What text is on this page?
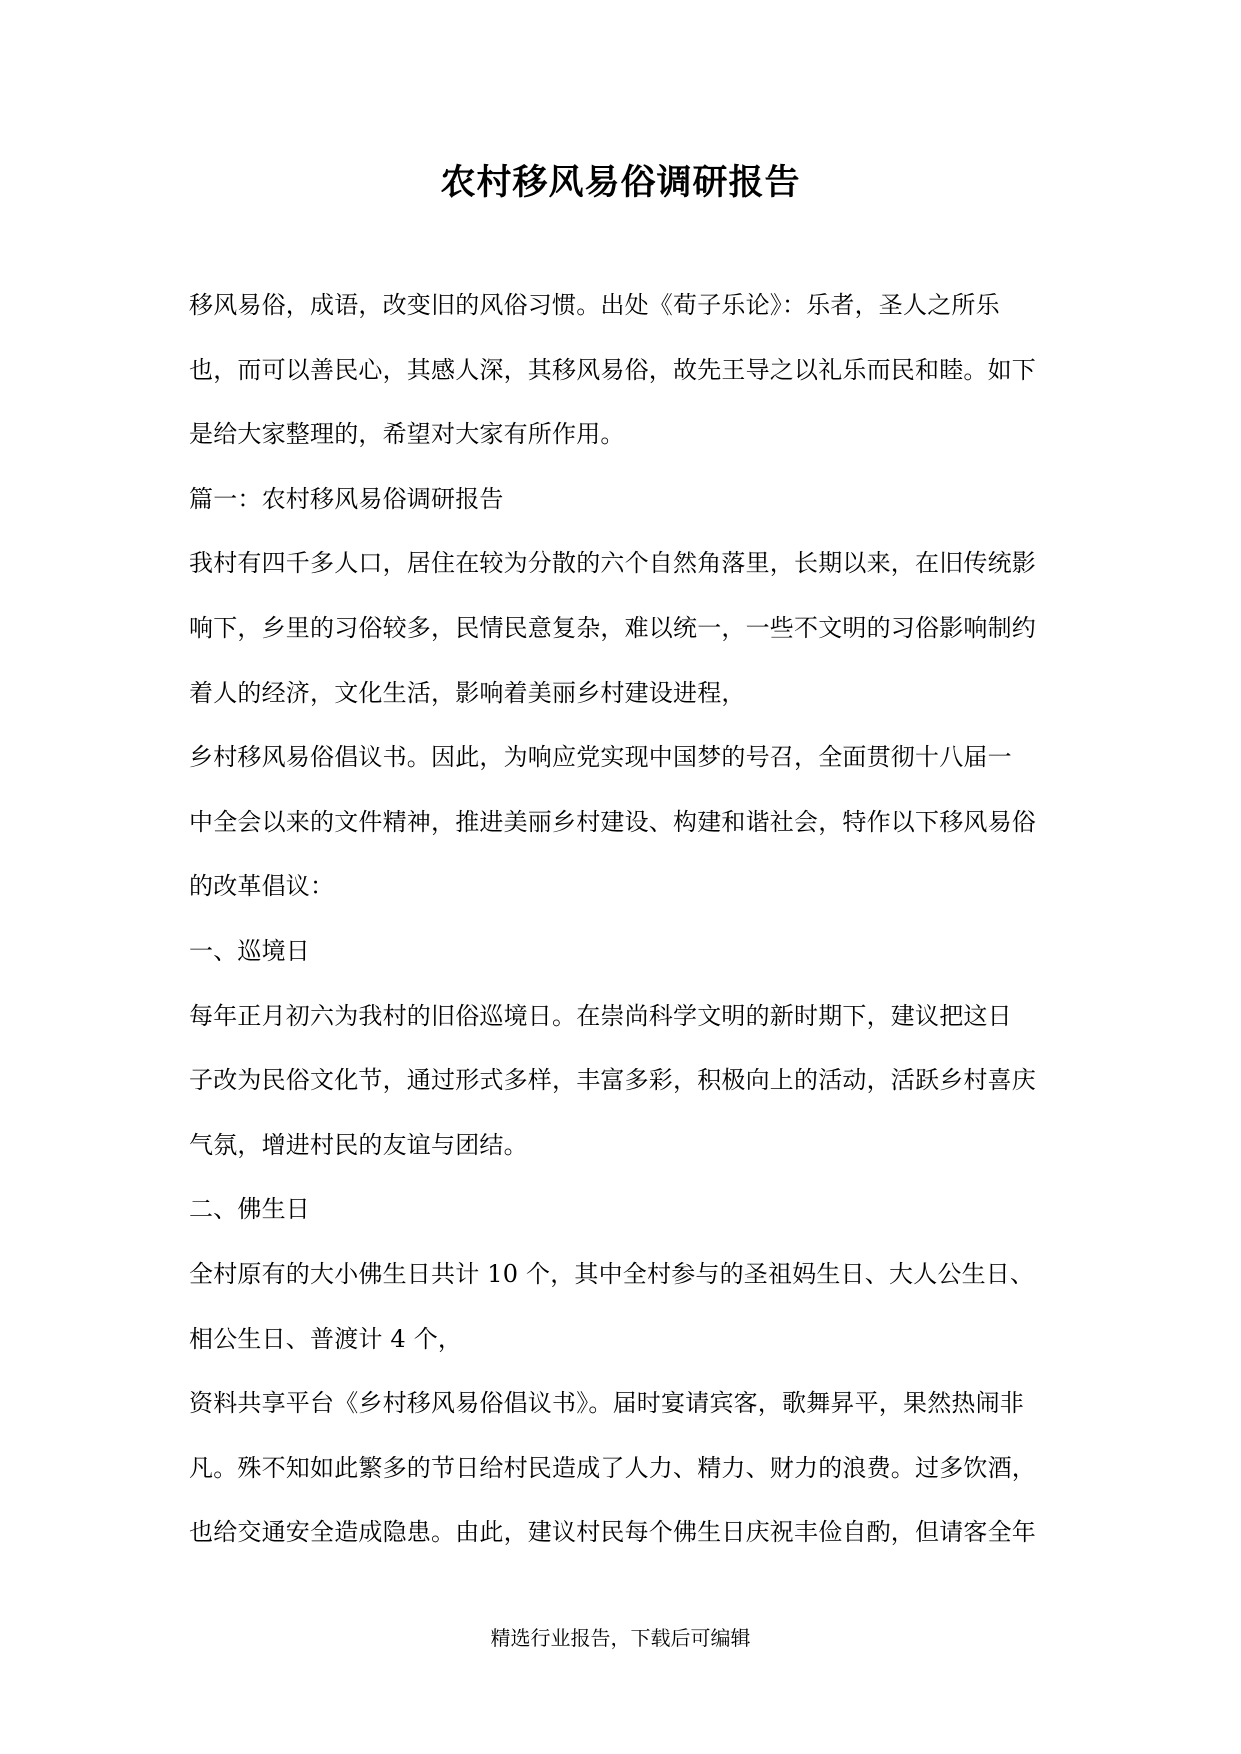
农村移风易俗调研报告
移风易俗，成语，改变旧的风俗习惯。出处《荀子乐论》：乐者，圣人之所乐
也，而可以善民心，其感人深，其移风易俗，故先王导之以礼乐而民和睦。如下
是给大家整理的，希望对大家有所作用。
篇一：农村移风易俗调研报告
我村有四千多人口，居住在较为分散的六个自然角落里，长期以来，在旧传统影
响下，乡里的习俗较多，民情民意复杂，难以统一，一些不文明的习俗影响制约
着人的经济，文化生活，影响着美丽乡村建设进程，
乡村移风易俗倡议书。因此，为响应党实现中国梦的号召，全面贯彻十八届一
中全会以来的文件精神，推进美丽乡村建设、构建和谐社会，特作以下移风易俗
的改革倡议：
一、巡境日
每年正月初六为我村的旧俗巡境日。在崇尚科学文明的新时期下，建议把这日
子改为民俗文化节，通过形式多样，丰富多彩，积极向上的活动，活跃乡村喜庆
气氛，增进村民的友谊与团结。
二、佛生日
全村原有的大小佛生日共计 10 个，其中全村参与的圣祖妈生日、大人公生日、
相公生日、普渡计 4 个，
资料共享平台《乡村移风易俗倡议书》。届时宴请宾客，歌舞昇平，果然热闹非
凡。殊不知如此繁多的节日给村民造成了人力、精力、财力的浪费。过多饮酒，
也给交通安全造成隐患。由此，建议村民每个佛生日庆祝丰俭自酌，但请客全年
精选行业报告，下载后可编辑
